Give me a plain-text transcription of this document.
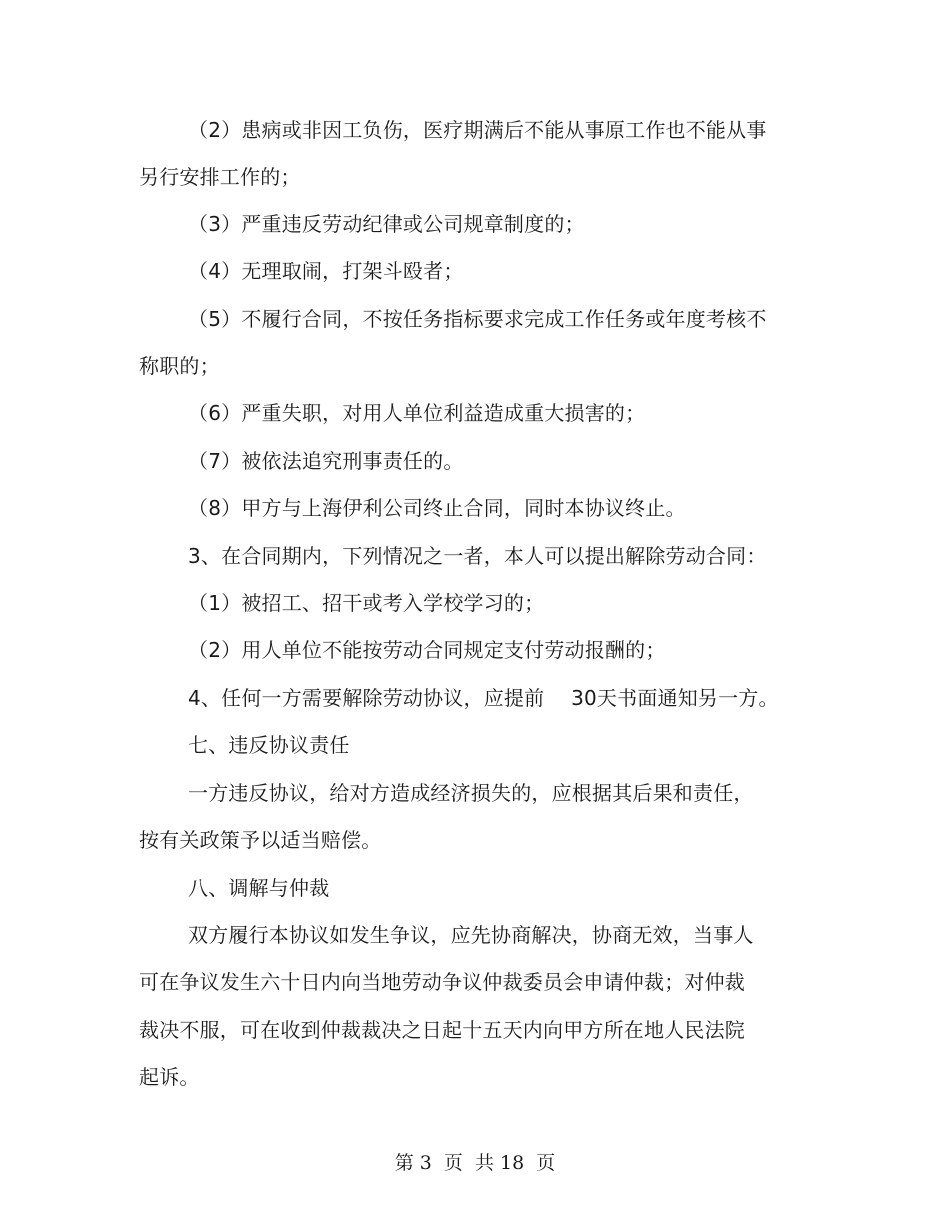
（2）患病或非因工负伤，医疗期满后不能从事原工作也不能从事
另行安排工作的；
（3）严重违反劳动纪律或公司规章制度的；
（4）无理取闹，打架斗殴者；
（5）不履行合同，不按任务指标要求完成工作任务或年度考核不
称职的；
（6）严重失职，对用人单位利益造成重大损害的；
（7）被依法追究刑事责任的。
（8）甲方与上海伊利公司终止合同，同时本协议终止。
3、在合同期内，下列情况之一者，本人可以提出解除劳动合同：
（1）被招工、招干或考入学校学习的；
（2）用人单位不能按劳动合同规定支付劳动报酬的；
4、任何一方需要解除劳动协议，应提前　 30天书面通知另一方。
七、违反协议责任
一方违反协议，给对方造成经济损失的，应根据其后果和责任，
按有关政策予以适当赔偿。
八、调解与仲裁
双方履行本协议如发生争议，应先协商解决，协商无效，当事人
可在争议发生六十日内向当地劳动争议仲裁委员会申请仲裁；对仲裁
裁决不服，可在收到仲裁裁决之日起十五天内向甲方所在地人民法院
起诉。
第 3  页  共 18  页
